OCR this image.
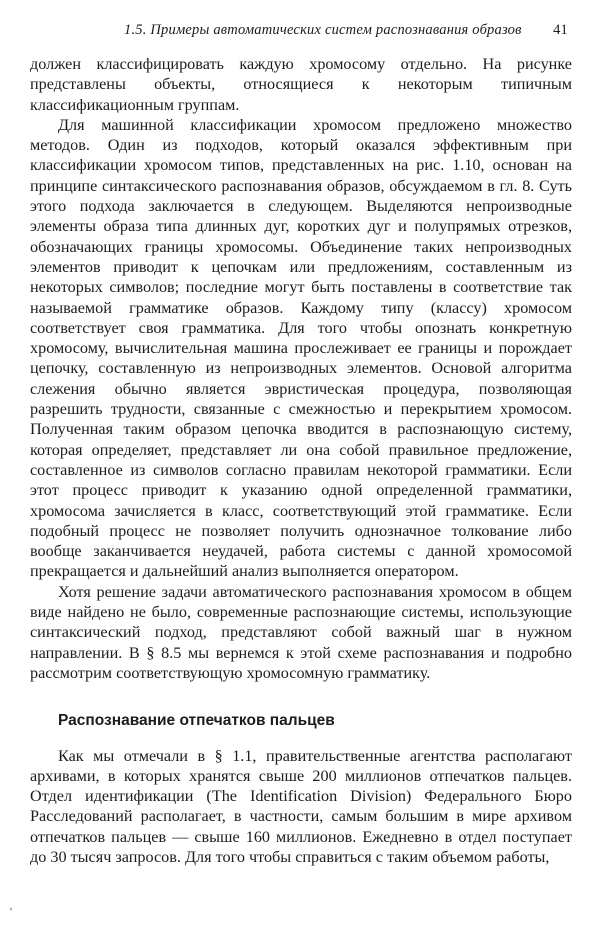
1.5. Примеры автоматических систем распознавания образов 41

должен классифицировать каждую хромосому отдельно. На рисунке представлены объекты, относящиеся к некоторым типичным классификационным группам.

Для машинной классификации хромосом предложено множество методов. Один из подходов, который оказался эффективным при классификации хромосом типов, представленных на рис. 1.10, основан на принципе синтаксического распознавания образов, обсуждаемом в гл. 8. Суть этого подхода заключается в следующем. Выделяются непроизводные элементы образа типа длинных дуг, коротких дуг и полупрямых отрезков, обозначающих границы хромосомы. Объединение таких непроизводных элементов приводит к цепочкам или предложениям, составленным из некоторых символов; последние могут быть поставлены в соответствие так называемой грамматике образов. Каждому типу (классу) хромосом соответствует своя грамматика. Для того чтобы опознать конкретную хромосому, вычислительная машина прослеживает ее границы и порождает цепочку, составленную из непроизводных элементов. Основой алгоритма слежения обычно является эвристическая процедура, позволяющая разрешить трудности, связанные с смежностью и перекрытием хромосом. Полученная таким образом цепочка вводится в распознающую систему, которая определяет, представляет ли она собой правильное предложение, составленное из символов согласно правилам некоторой грамматики. Если этот процесс приводит к указанию одной определенной грамматики, хромосома зачисляется в класс, соответствующий этой грамматике. Если подобный процесс не позволяет получить однозначное толкование либо вообще заканчивается неудачей, работа системы с данной хромосомой прекращается и дальнейший анализ выполняется оператором.

Хотя решение задачи автоматического распознавания хромосом в общем виде найдено не было, современные распознающие системы, использующие синтаксический подход, представляют собой важный шаг в нужном направлении. В § 8.5 мы вернемся к этой схеме распознавания и подробно рассмотрим соответствующую хромосомную грамматику.

Распознавание отпечатков пальцев

Как мы отмечали в § 1.1, правительственные агентства располагают архивами, в которых хранятся свыше 200 миллионов отпечатков пальцев. Отдел идентификации (The Identification Division) Федерального Бюро Расследований располагает, в частности, самым большим в мире архивом отпечатков пальцев — свыше 160 миллионов. Ежедневно в отдел поступает до 30 тысяч запросов. Для того чтобы справиться с таким объемом работы,

'
